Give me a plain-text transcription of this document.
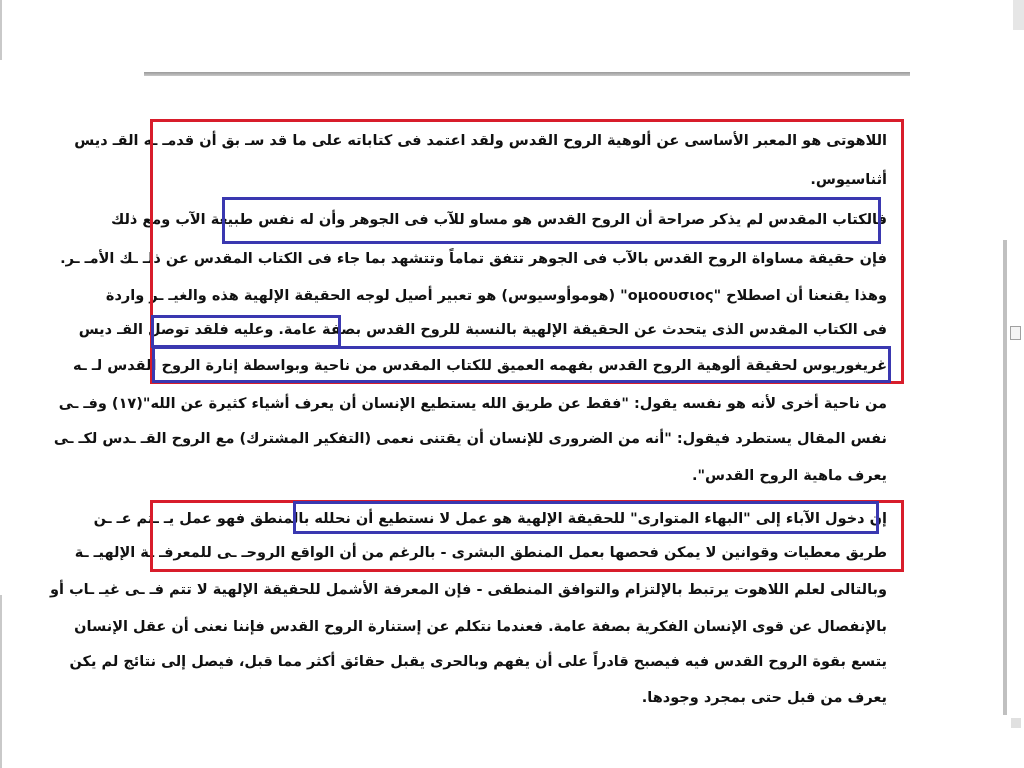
اللاهوتى هو المعبر الأساسى عن ألوهية الروح القدس ولقد اعتمد فى كتاباته على ما قد سـ بق أن قدمـ ـه القـ ديس
أثناسيوس.
فالكتاب المقدس لم يذكر صراحة أن الروح القدس هو مساو للآب فى الجوهر وأن له نفس طبيعة الآب ومع ذلك
فإن حقيقة مساواة الروح القدس بالآب فى الجوهر تتفق تماماً وتتشهد بما جاء فى الكتاب المقدس عن ذلـ ـك الأمـ ـر.
وهذا يقنعنا أن اصطلاح "ομοουσιος" (هوموأوسيوس) هو تعبير أصيل لوجه الحقيقة الإلهية هذه والغيـ ـر واردة
فى الكتاب المقدس الذى يتحدث عن الحقيقة الإلهية بالنسبة للروح القدس بصفة عامة. وعليه فلقد توصل القـ ديس
غريغوريوس لحقيقة ألوهية الروح القدس بفهمه العميق للكتاب المقدس من ناحية وبواسطة إنارة الروح القدس لـ ـه
من ناحية أخرى لأنه هو نفسه يقول: "فقط عن طريق الله يستطيع الإنسان أن يعرف أشياء كثيرة عن الله"(١٧) وفـ ـى
نفس المقال يستطرد فيقول: "أنه من الضرورى للإنسان أن يقتنى نعمى (التفكير المشترك) مع الروح القـ ـدس لكـ ـى
يعرف ماهية الروح القدس".
إن دخول الآباء إلى "البهاء المتوارى" للحقيقة الإلهية هو عمل لا نستطيع أن نحلله بالمنطق فهو عمل يـ ـتم عـ ـن
طريق معطيات وقوانين لا يمكن فحصها بعمل المنطق البشرى - بالرغم من أن الواقع الروحـ ـى للمعرفـ ـة الإلهيـ ـة
وبالتالى لعلم اللاهوت يرتبط بالإلتزام والتوافق المنطقى - فإن المعرفة الأشمل للحقيقة الإلهية لا تتم فـ ـى غيـ ـاب أو
بالإنفصال عن قوى الإنسان الفكرية بصفة عامة. فعندما نتكلم عن إستنارة الروح القدس فإننا نعنى أن عقل الإنسان
يتسع بقوة الروح القدس فيه فيصبح قادراً على أن يفهم وبالحرى يقبل حقائق أكثر مما قبل، فيصل إلى نتائج لم يكن
يعرف من قبل حتى بمجرد وجودها.
